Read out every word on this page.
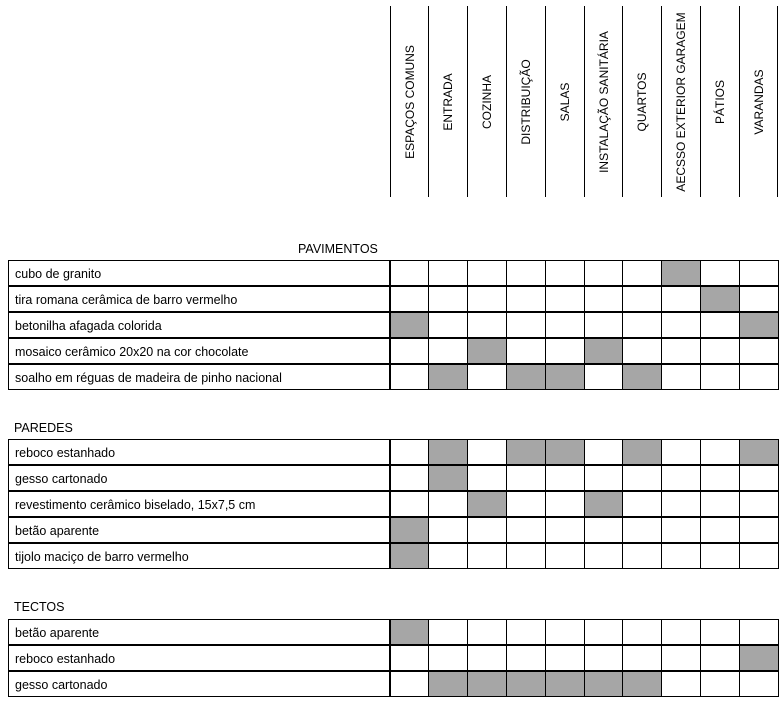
ESPAÇOS COMUNS ENTRADA COZINHA DISTRIBUIÇÃO SALAS INSTALAÇÃO SANITÁRIA QUARTOS AECSSO EXTERIOR GARAGEM PÁTIOS VARANDAS
PAVIMENTOS
cubo de granito
tira romana cerâmica de barro vermelho
betonilha afagada colorida
mosaico cerâmico 20x20 na cor chocolate
soalho em réguas de madeira de pinho nacional
PAREDES
reboco estanhado
gesso cartonado
revestimento cerâmico biselado, 15x7,5 cm
betão aparente
tijolo maciço de barro vermelho
TECTOS
betão aparente
reboco estanhado
gesso cartonado
